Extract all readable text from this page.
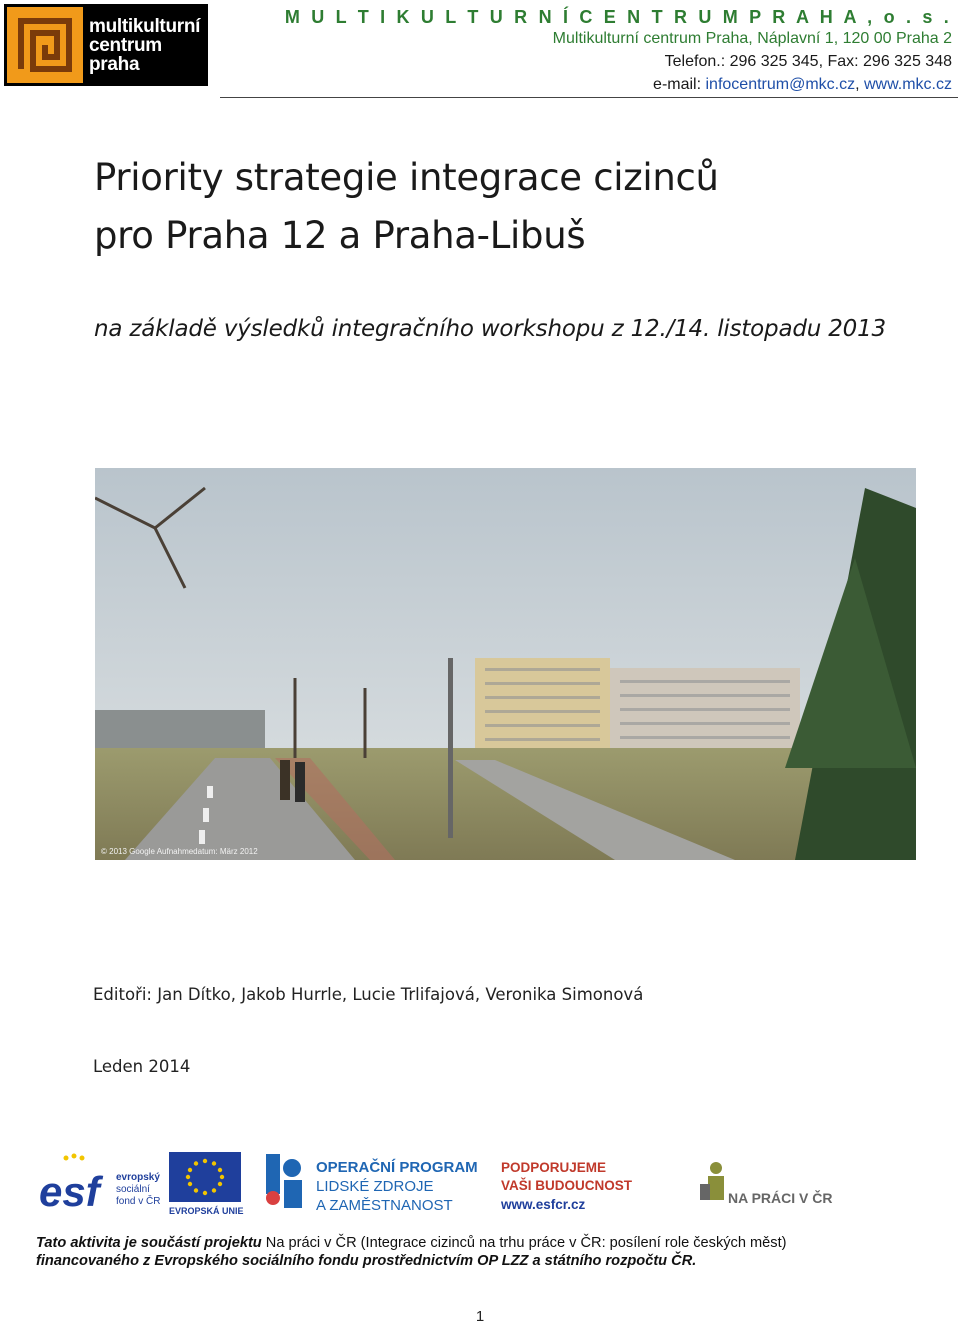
multikulturní
centrum
praha
M U L T I K U L T U R N Í C E N T R U M P R A H A , o . s .
Multikulturní centrum Praha, Náplavní 1, 120 00 Praha 2
Telefon.: 296 325 345, Fax: 296 325 348
e-mail: infocentrum@mkc.cz, www.mkc.cz
Priority strategie integrace cizinců
pro Praha 12 a Praha-Libuš
na základě výsledků integračního workshopu z 12./14. listopadu 2013
© 2013 Google Aufnahmedatum: März 2012
Editoři: Jan Dítko, Jakob Hurrle, Lucie Trlifajová, Veronika Simonová
Leden 2014
esf	evropský
sociální
fond v ČR
EVROPSKÁ UNIE
OPERAČNÍ PROGRAM
LIDSKÉ ZDROJE
A ZAMĚSTNANOST
PODPORUJEME
VAŠI BUDOUCNOST
www.esfcr.cz	NA PRÁCI V ČR
Tato aktivita je součástí projektu Na práci v ČR (Integrace cizinců na trhu práce v ČR: posílení role českých měst)
financovaného z Evropského sociálního fondu prostřednictvím OP LZZ a státního rozpočtu ČR.
1
